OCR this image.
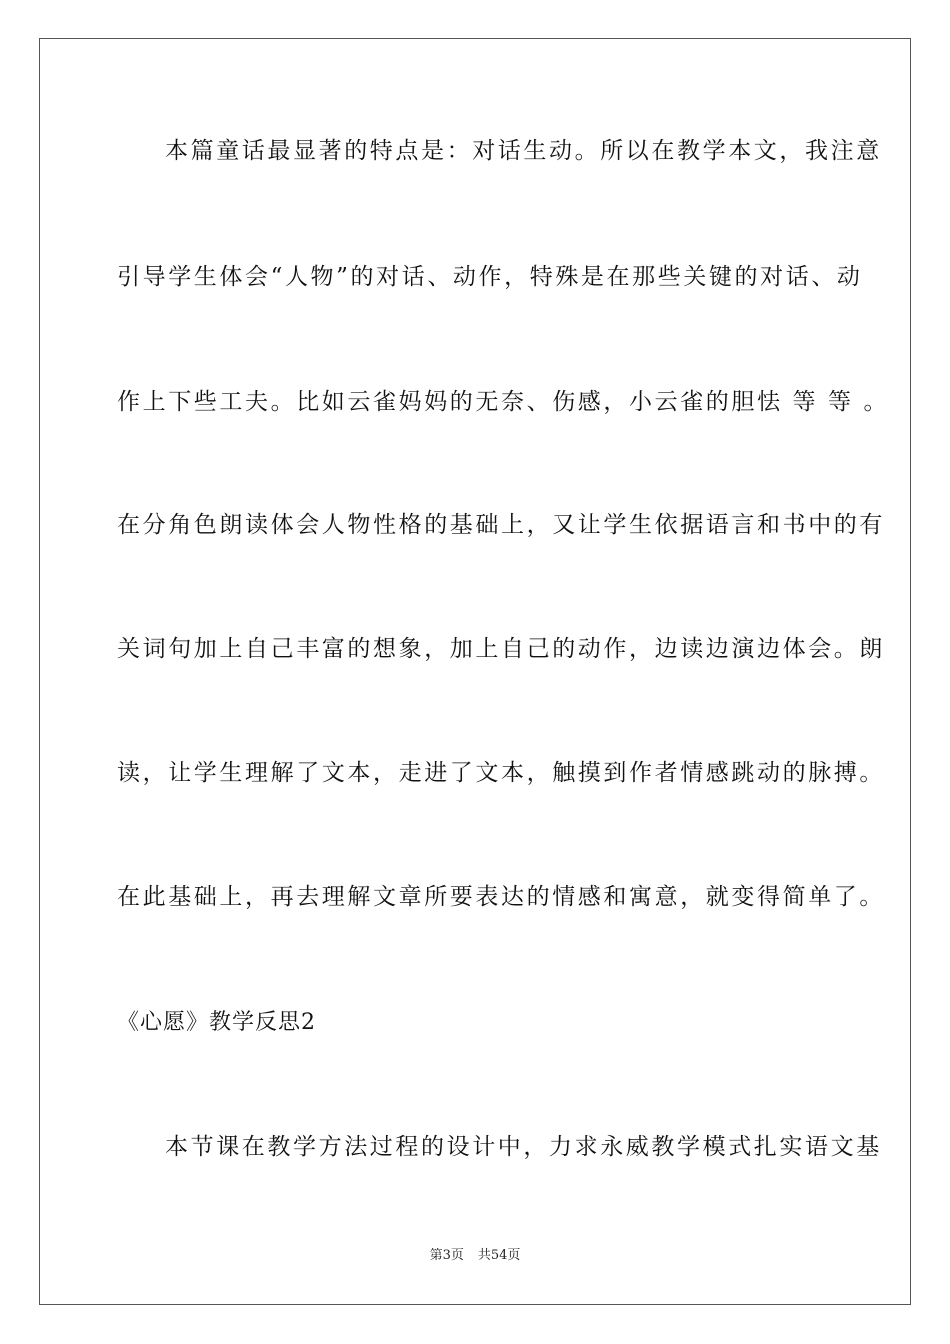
本篇童话最显著的特点是：对话生动。所以在教学本文，我注意
引导学生体会“人物”的对话、动作，特殊是在那些关键的对话、动
作上下些工夫。比如云雀妈妈的无奈、伤感，小云雀的胆怯 等 等 。
在分角色朗读体会人物性格的基础上，又让学生依据语言和书中的有
关词句加上自己丰富的想象，加上自己的动作，边读边演边体会。朗
读，让学生理解了文本，走进了文本，触摸到作者情感跳动的脉搏。
在此基础上，再去理解文章所要表达的情感和寓意，就变得简单了。
《心愿》教学反思2
本节课在教学方法过程的设计中，力求永威教学模式扎实语文基
第3页 共54页
